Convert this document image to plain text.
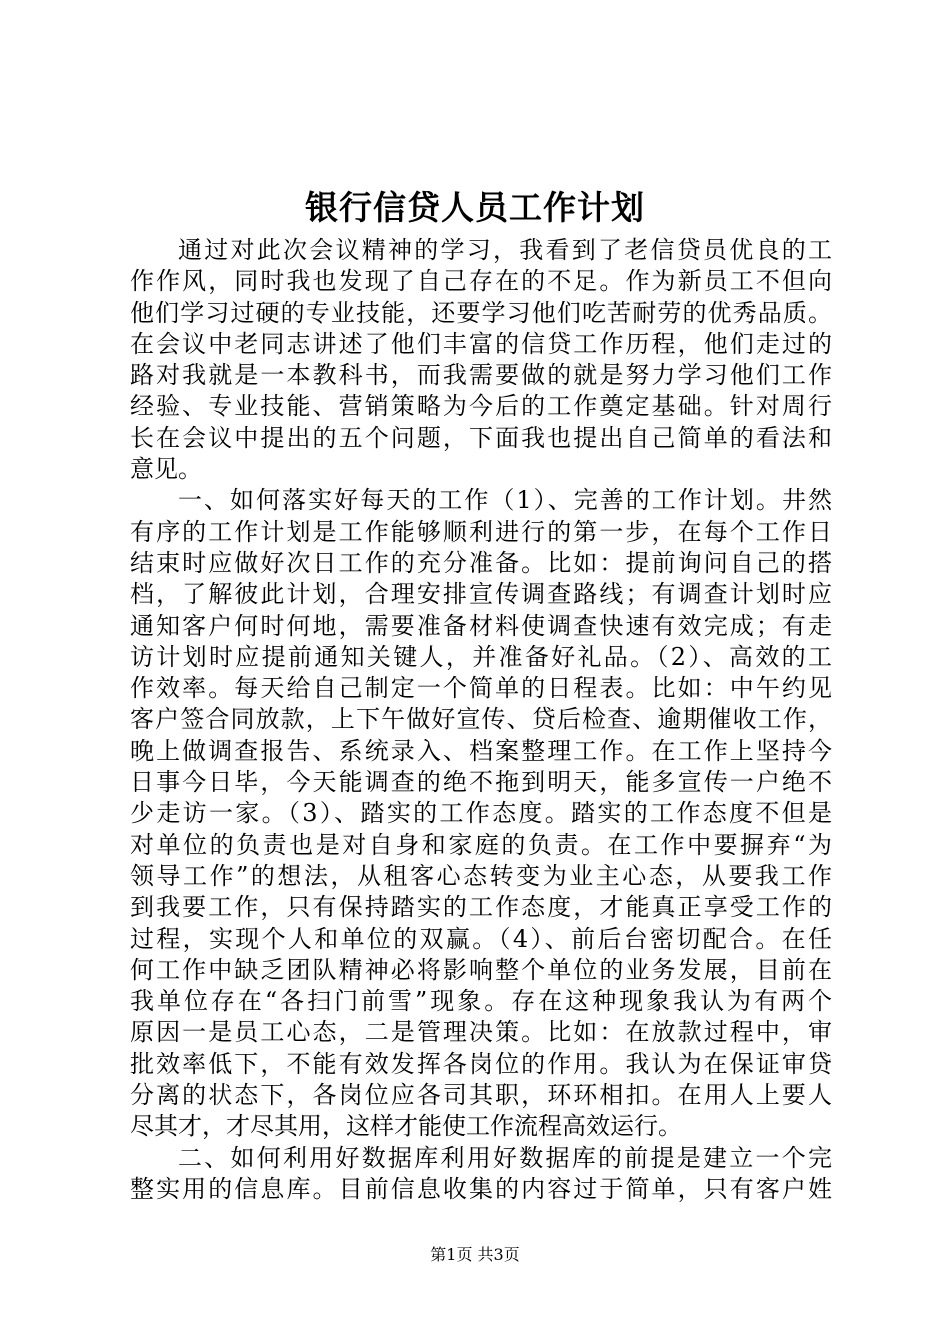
银行信贷人员工作计划
通过对此次会议精神的学习，我看到了老信贷员优良的工
作作风，同时我也发现了自己存在的不足。作为新员工不但向
他们学习过硬的专业技能，还要学习他们吃苦耐劳的优秀品质。
在会议中老同志讲述了他们丰富的信贷工作历程，他们走过的
路对我就是一本教科书，而我需要做的就是努力学习他们工作
经验、专业技能、营销策略为今后的工作奠定基础。针对周行
长在会议中提出的五个问题，下面我也提出自己简单的看法和
意见。
一、如何落实好每天的工作（1）、完善的工作计划。井然
有序的工作计划是工作能够顺利进行的第一步，在每个工作日
结束时应做好次日工作的充分准备。比如：提前询问自己的搭
档，了解彼此计划，合理安排宣传调查路线；有调查计划时应
通知客户何时何地，需要准备材料使调查快速有效完成；有走
访计划时应提前通知关键人，并准备好礼品。（2）、高效的工
作效率。每天给自己制定一个简单的日程表。比如：中午约见
客户签合同放款，上下午做好宣传、贷后检查、逾期催收工作，
晚上做调查报告、系统录入、档案整理工作。在工作上坚持今
日事今日毕，今天能调查的绝不拖到明天，能多宣传一户绝不
少走访一家。（3）、踏实的工作态度。踏实的工作态度不但是
对单位的负责也是对自身和家庭的负责。在工作中要摒弃“为
领导工作”的想法，从租客心态转变为业主心态，从要我工作
到我要工作，只有保持踏实的工作态度，才能真正享受工作的
过程，实现个人和单位的双赢。（4）、前后台密切配合。在任
何工作中缺乏团队精神必将影响整个单位的业务发展，目前在
我单位存在“各扫门前雪”现象。存在这种现象我认为有两个
原因一是员工心态，二是管理决策。比如：在放款过程中，审
批效率低下，不能有效发挥各岗位的作用。我认为在保证审贷
分离的状态下，各岗位应各司其职，环环相扣。在用人上要人
尽其才，才尽其用，这样才能使工作流程高效运行。
二、如何利用好数据库利用好数据库的前提是建立一个完
整实用的信息库。目前信息收集的内容过于简单，只有客户姓
第1页 共3页
